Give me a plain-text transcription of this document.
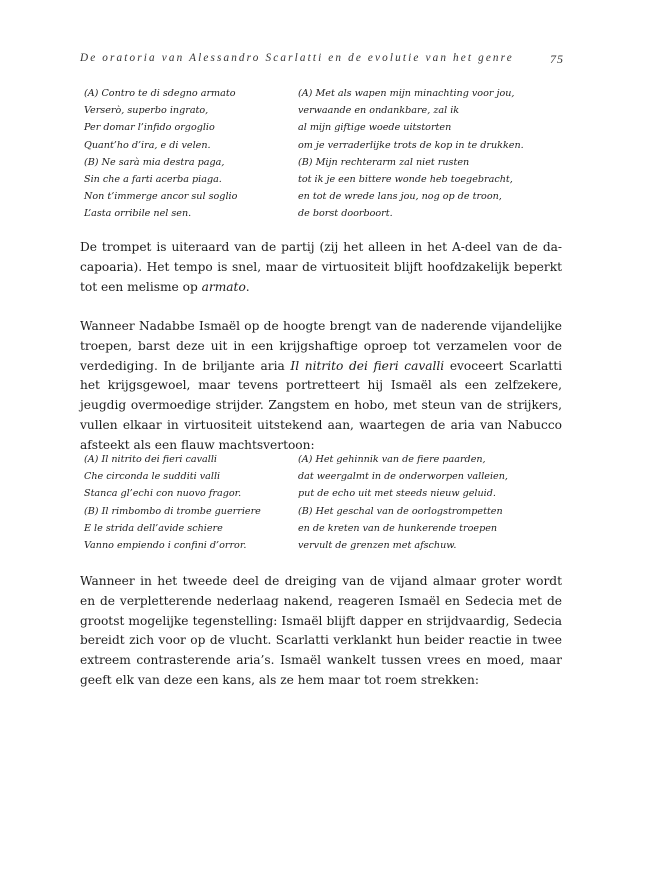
De oratoria van Alessandro Scarlatti en de evolutie van het genre	75
(A) Contro te di sdegno armato
Verserò, superbo ingrato,
Per domar l’infido orgoglio
Quant’ho d’ira, e di velen.
(B) Ne sarà mia destra paga,
Sin che a farti acerba piaga.
Non t’immerge ancor sul soglio
L’asta orribile nel sen.
(A) Met als wapen mijn minachting voor jou,
verwaande en ondankbare, zal ik
al mijn giftige woede uitstorten
om je verraderlijke trots de kop in te drukken.
(B) Mijn rechterarm zal niet rusten
tot ik je een bittere wonde heb toegebracht,
en tot de wrede lans jou, nog op de troon,
de borst doorboort.

De trompet is uiteraard van de partij (zij het alleen in het A-deel van de da-capoaria). Het tempo is snel, maar de virtuositeit blijft hoofdzakelijk beperkt tot een melisme op armato.

Wanneer Nadabbe Ismaël op de hoogte brengt van de naderende vijandelijke troepen, barst deze uit in een krijgshaftige oproep tot verzamelen voor de verdediging. In de briljante aria Il nitrito dei fieri cavalli evoceert Scarlatti het krijgsgewoel, maar tevens portretteert hij Ismaël als een zelfzekere, jeugdig overmoedige strijder. Zangstem en hobo, met steun van de strijkers, vullen elkaar in virtuositeit uitstekend aan, waartegen de aria van Nabucco afsteekt als een flauw machtsvertoon:

(A) Il nitrito dei fieri cavalli
Che circonda le sudditi valli
Stanca gl’echi con nuovo fragor.
(B) Il rimbombo di trombe guerriere
E le strida dell’avide schiere
Vanno empiendo i confini d’orror.
(A) Het gehinnik van de fiere paarden,
dat weergalmt in de onderworpen valleien,
put de echo uit met steeds nieuw geluid.
(B) Het geschal van de oorlogstrompetten
en de kreten van de hunkerende troepen
vervult de grenzen met afschuw.

Wanneer in het tweede deel de dreiging van de vijand almaar groter wordt en de verpletterende nederlaag nakend, reageren Ismaël en Sedecia met de grootst mogelijke tegenstelling: Ismaël blijft dapper en strijdvaardig, Sedecia bereidt zich voor op de vlucht. Scarlatti verklankt hun beider reactie in twee extreem contrasterende aria’s. Ismaël wankelt tussen vrees en moed, maar geeft elk van deze een kans, als ze hem maar tot roem strekken:
